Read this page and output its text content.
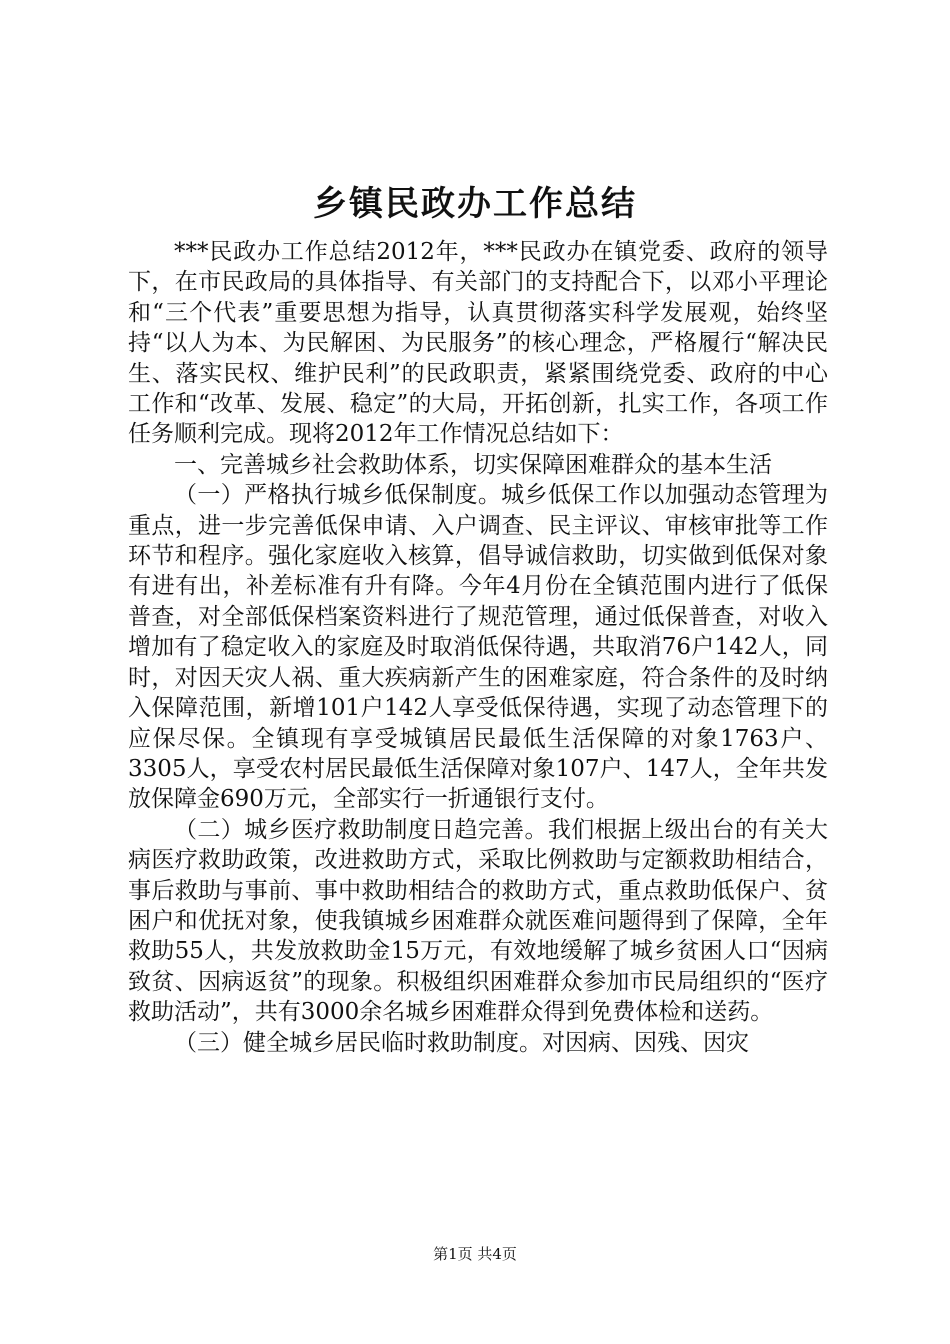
乡镇民政办工作总结

***民政办工作总结2012年，***民政办在镇党委、政府的领导下，在市民政局的具体指导、有关部门的支持配合下，以邓小平理论和“三个代表”重要思想为指导，认真贯彻落实科学发展观，始终坚持“以人为本、为民解困、为民服务”的核心理念，严格履行“解决民生、落实民权、维护民利”的民政职责，紧紧围绕党委、政府的中心工作和“改革、发展、稳定”的大局，开拓创新，扎实工作，各项工作任务顺利完成。现将2012年工作情况总结如下：

一、完善城乡社会救助体系，切实保障困难群众的基本生活

（一）严格执行城乡低保制度。城乡低保工作以加强动态管理为重点，进一步完善低保申请、入户调查、民主评议、审核审批等工作环节和程序。强化家庭收入核算，倡导诚信救助，切实做到低保对象有进有出，补差标准有升有降。今年4月份在全镇范围内进行了低保普查，对全部低保档案资料进行了规范管理，通过低保普查，对收入增加有了稳定收入的家庭及时取消低保待遇，共取消76户142人，同时，对因天灾人祸、重大疾病新产生的困难家庭，符合条件的及时纳入保障范围，新增101户142人享受低保待遇，实现了动态管理下的应保尽保。全镇现有享受城镇居民最低生活保障的对象1763户、3305人，享受农村居民最低生活保障对象107户、147人，全年共发放保障金690万元，全部实行一折通银行支付。

（二）城乡医疗救助制度日趋完善。我们根据上级出台的有关大病医疗救助政策，改进救助方式，采取比例救助与定额救助相结合，事后救助与事前、事中救助相结合的救助方式，重点救助低保户、贫困户和优抚对象，使我镇城乡困难群众就医难问题得到了保障，全年救助55人，共发放救助金15万元，有效地缓解了城乡贫困人口“因病致贫、因病返贫”的现象。积极组织困难群众参加市民局组织的“医疗救助活动”，共有3000余名城乡困难群众得到免费体检和送药。

（三）健全城乡居民临时救助制度。对因病、因残、因灾

第1页 共4页
